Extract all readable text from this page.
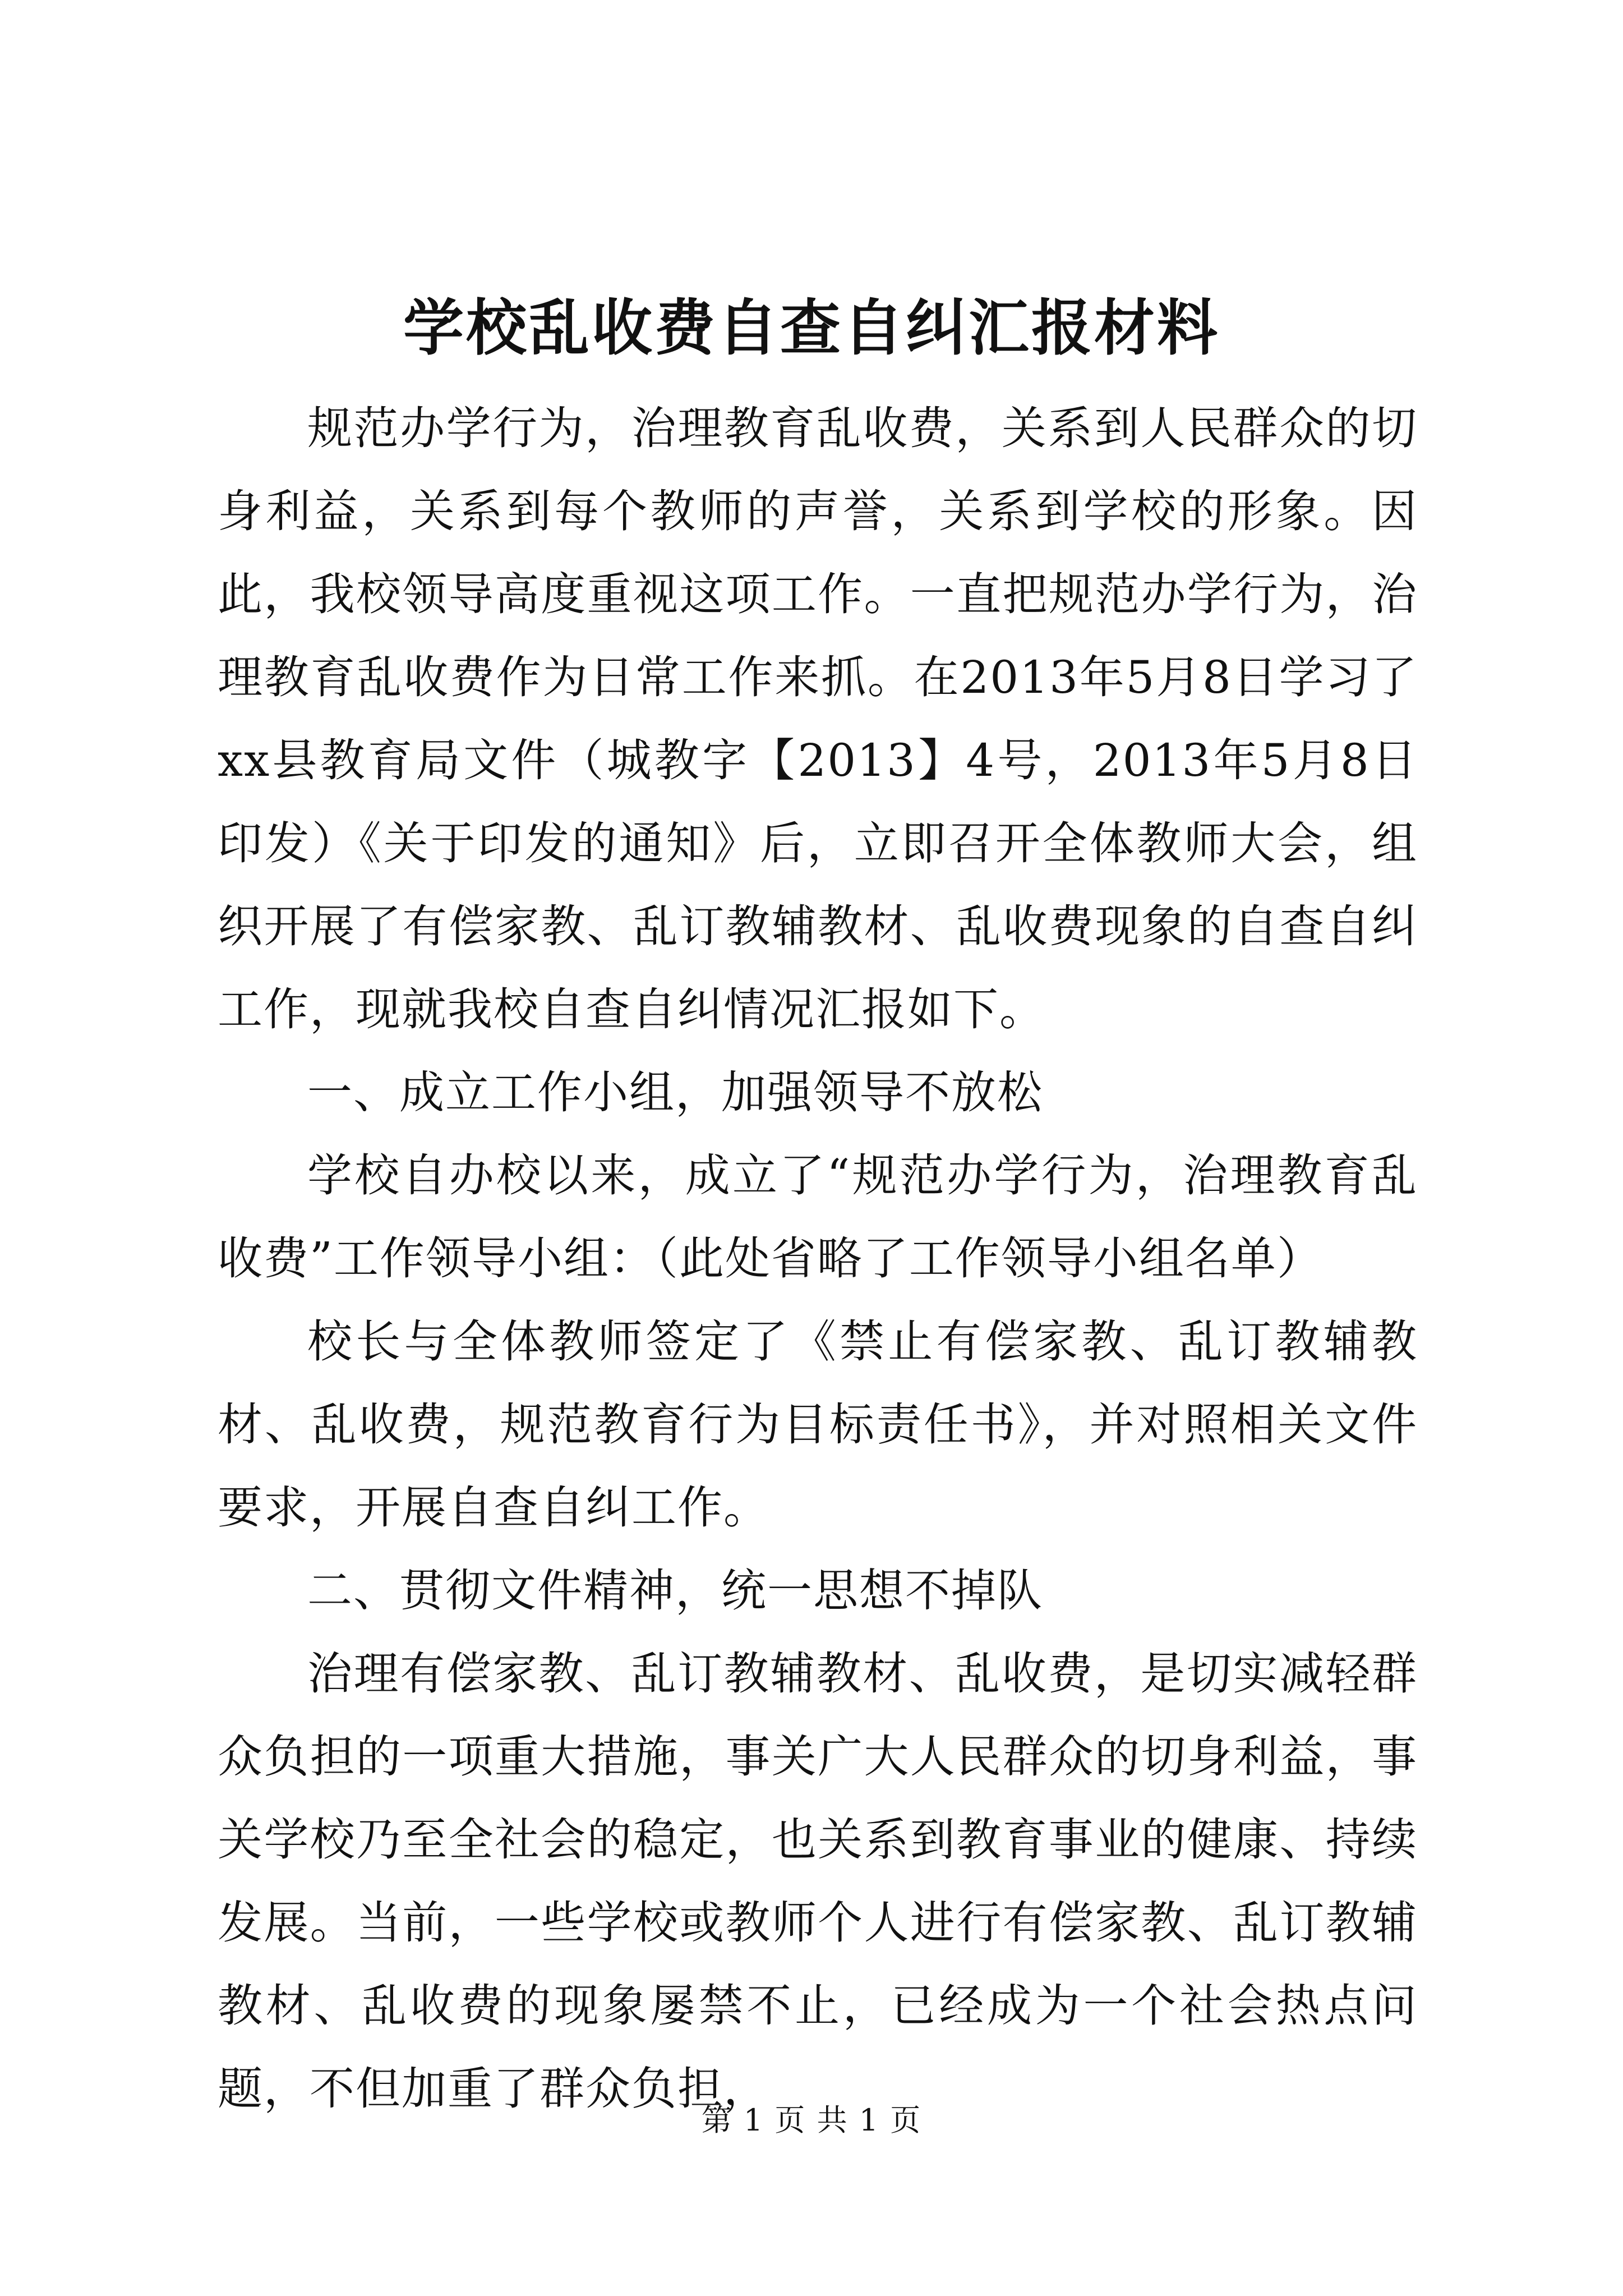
学校乱收费自查自纠汇报材料

规范办学行为，治理教育乱收费，关系到人民群众的切身利益，关系到每个教师的声誉，关系到学校的形象。因此，我校领导高度重视这项工作。一直把规范办学行为，治理教育乱收费作为日常工作来抓。在2013年5月8日学习了xx县教育局文件（城教字【2013】4号，2013年5月8日印发）《关于印发的通知》后，立即召开全体教师大会，组织开展了有偿家教、乱订教辅教材、乱收费现象的自查自纠工作，现就我校自查自纠情况汇报如下。

一、成立工作小组，加强领导不放松

学校自办校以来，成立了“规范办学行为，治理教育乱收费”工作领导小组：（此处省略了工作领导小组名单）

校长与全体教师签定了《禁止有偿家教、乱订教辅教材、乱收费，规范教育行为目标责任书》，并对照相关文件要求，开展自查自纠工作。

二、贯彻文件精神，统一思想不掉队

治理有偿家教、乱订教辅教材、乱收费，是切实减轻群众负担的一项重大措施，事关广大人民群众的切身利益，事关学校乃至全社会的稳定，也关系到教育事业的健康、持续发展。当前，一些学校或教师个人进行有偿家教、乱订教辅教材、乱收费的现象屡禁不止，已经成为一个社会热点问题，不但加重了群众负担，

第 1 页 共 1 页
